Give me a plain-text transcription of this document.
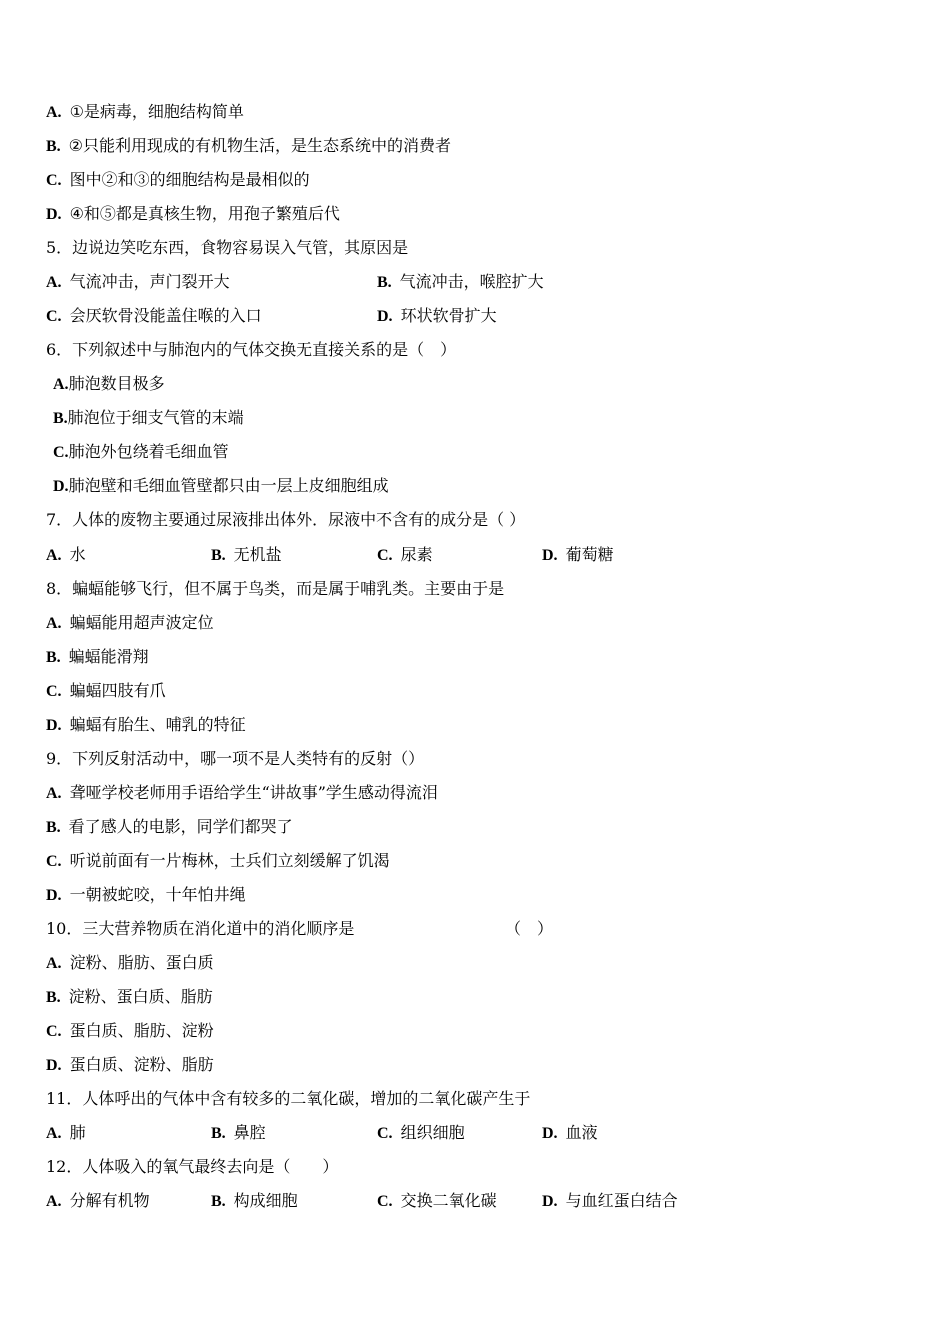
A. ①是病毒，细胞结构简单
B. ②只能利用现成的有机物生活，是生态系统中的消费者
C. 图中②和③的细胞结构是最相似的
D. ④和⑤都是真核生物，用孢子繁殖后代
5．边说边笑吃东西，食物容易误入气管，其原因是
A. 气流冲击，声门裂开大	B. 气流冲击，喉腔扩大
C. 会厌软骨没能盖住喉的入口	D. 环状软骨扩大
6．下列叙述中与肺泡内的气体交换无直接关系的是（　）
A.肺泡数目极多
B.肺泡位于细支气管的末端
C.肺泡外包绕着毛细血管
D.肺泡壁和毛细血管壁都只由一层上皮细胞组成
7．人体的废物主要通过尿液排出体外．尿液中不含有的成分是（ ）
A. 水	B. 无机盐	C. 尿素	D. 葡萄糖
8．蝙蝠能够飞行，但不属于鸟类，而是属于哺乳类。主要由于是
A. 蝙蝠能用超声波定位
B. 蝙蝠能滑翔
C. 蝙蝠四肢有爪
D. 蝙蝠有胎生、哺乳的特征
9．下列反射活动中，哪一项不是人类特有的反射（）
A. 聋哑学校老师用手语给学生“讲故事”学生感动得流泪
B. 看了感人的电影，同学们都哭了
C. 听说前面有一片梅林，士兵们立刻缓解了饥渴
D. 一朝被蛇咬，十年怕井绳
10．三大营养物质在消化道中的消化顺序是	（　）
A. 淀粉、脂肪、蛋白质
B. 淀粉、蛋白质、脂肪
C. 蛋白质、脂肪、淀粉
D. 蛋白质、淀粉、脂肪
11．人体呼出的气体中含有较多的二氧化碳，增加的二氧化碳产生于
A. 肺	B. 鼻腔	C. 组织细胞	D. 血液
12．人体吸入的氧气最终去向是（　　）
A. 分解有机物	B. 构成细胞	C. 交换二氧化碳	D. 与血红蛋白结合
